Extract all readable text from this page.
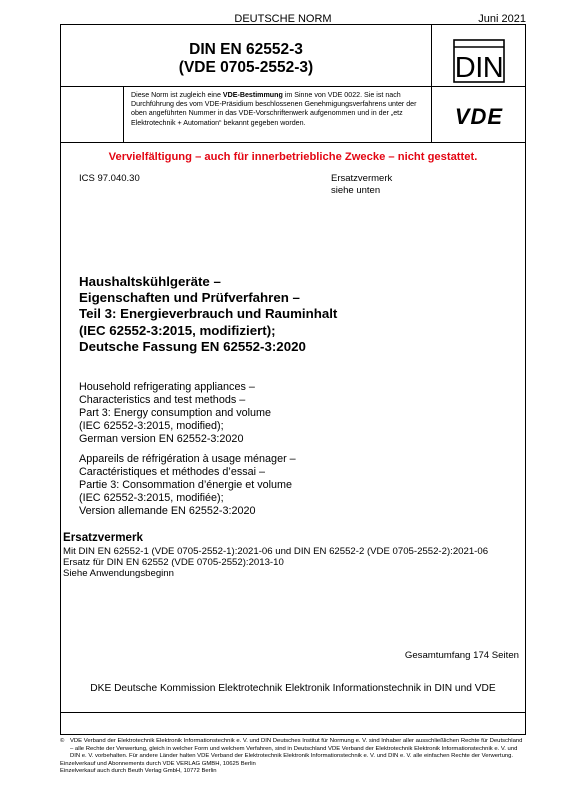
DEUTSCHE NORM	Juni 2021
DIN EN 62552-3
(VDE 0705-2552-3)	DIN
VDE
Diese Norm ist zugleich eine VDE-Bestimmung im Sinne von VDE 0022. Sie ist nach Durchführung des vom VDE-Präsidium beschlossenen Genehmigungsverfahrens unter der oben angeführten Nummer in das VDE-Vorschriftenwerk aufgenommen und in der „etz Elektrotechnik + Automation“ bekannt gegeben worden.
Vervielfältigung – auch für innerbetriebliche Zwecke – nicht gestattet.
ICS 97.040.30	Ersatzvermerk
siehe unten
Haushaltskühlgeräte –
Eigenschaften und Prüfverfahren –
Teil 3: Energieverbrauch und Rauminhalt
(IEC 62552-3:2015, modifiziert);
Deutsche Fassung EN 62552-3:2020
Household refrigerating appliances –
Characteristics and test methods –
Part 3: Energy consumption and volume
(IEC 62552-3:2015, modified);
German version EN 62552-3:2020
Appareils de réfrigération à usage ménager –
Caractéristiques et méthodes d’essai –
Partie 3: Consommation d’énergie et volume
(IEC 62552-3:2015, modifiée);
Version allemande EN 62552-3:2020
Ersatzvermerk
Mit DIN EN 62552-1 (VDE 0705-2552-1):2021-06 und DIN EN 62552-2 (VDE 0705-2552-2):2021-06
Ersatz für DIN EN 62552 (VDE 0705-2552):2013-10
Siehe Anwendungsbeginn
Gesamtumfang 174 Seiten
DKE Deutsche Kommission Elektrotechnik Elektronik Informationstechnik in DIN und VDE
© VDE Verband der Elektrotechnik Elektronik Informationstechnik e. V. und DIN Deutsches Institut für Normung e. V. sind Inhaber aller ausschließlichen Rechte für Deutschland – alle Rechte der Verwertung, gleich in welcher Form und welchem Verfahren, sind in Deutschland VDE Verband der Elektrotechnik Elektronik Informationstechnik e. V. und DIN e. V. vorbehalten. Für andere Länder halten VDE Verband der Elektrotechnik Elektronik Informationstechnik e. V. und DIN e. V. alle einfachen Rechte der Verwertung.

Einzelverkauf und Abonnements durch VDE VERLAG GMBH, 10625 Berlin

Einzelverkauf auch durch Beuth Verlag GmbH, 10772 Berlin
